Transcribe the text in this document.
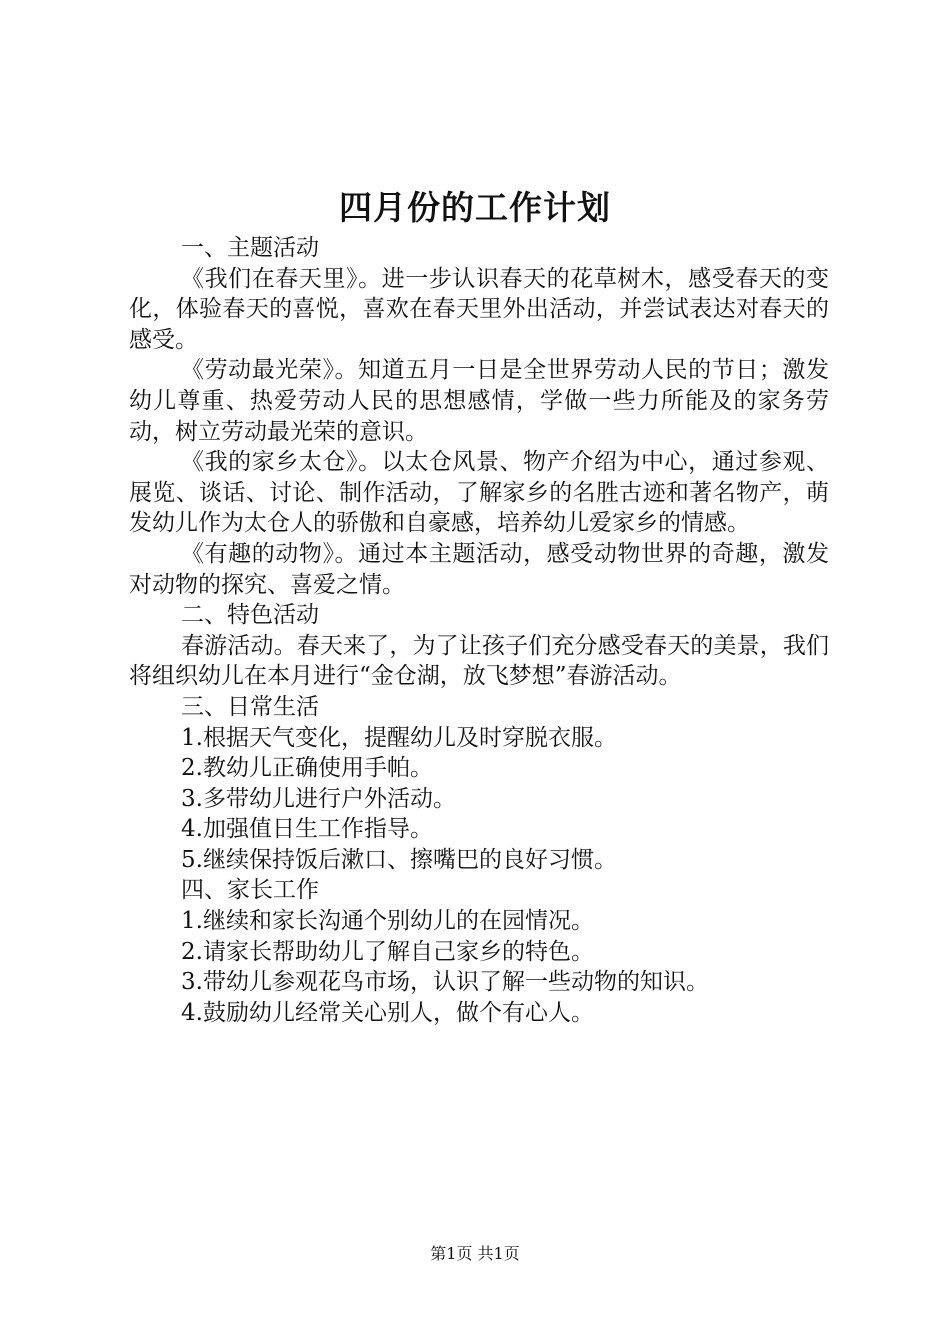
四月份的工作计划

一、主题活动

《我们在春天里》。进一步认识春天的花草树木，感受春天的变化，体验春天的喜悦，喜欢在春天里外出活动，并尝试表达对春天的感受。

《劳动最光荣》。知道五月一日是全世界劳动人民的节日；激发幼儿尊重、热爱劳动人民的思想感情，学做一些力所能及的家务劳动，树立劳动最光荣的意识。

《我的家乡太仓》。以太仓风景、物产介绍为中心，通过参观、展览、谈话、讨论、制作活动，了解家乡的名胜古迹和著名物产，萌发幼儿作为太仓人的骄傲和自豪感，培养幼儿爱家乡的情感。

《有趣的动物》。通过本主题活动，感受动物世界的奇趣，激发对动物的探究、喜爱之情。

二、特色活动

春游活动。春天来了，为了让孩子们充分感受春天的美景，我们将组织幼儿在本月进行“金仓湖，放飞梦想”春游活动。

三、日常生活

1.根据天气变化，提醒幼儿及时穿脱衣服。

2.教幼儿正确使用手帕。

3.多带幼儿进行户外活动。

4.加强值日生工作指导。

5.继续保持饭后漱口、擦嘴巴的良好习惯。

四、家长工作

1.继续和家长沟通个别幼儿的在园情况。

2.请家长帮助幼儿了解自己家乡的特色。

3.带幼儿参观花鸟市场，认识了解一些动物的知识。

4.鼓励幼儿经常关心别人，做个有心人。

第1页 共1页
